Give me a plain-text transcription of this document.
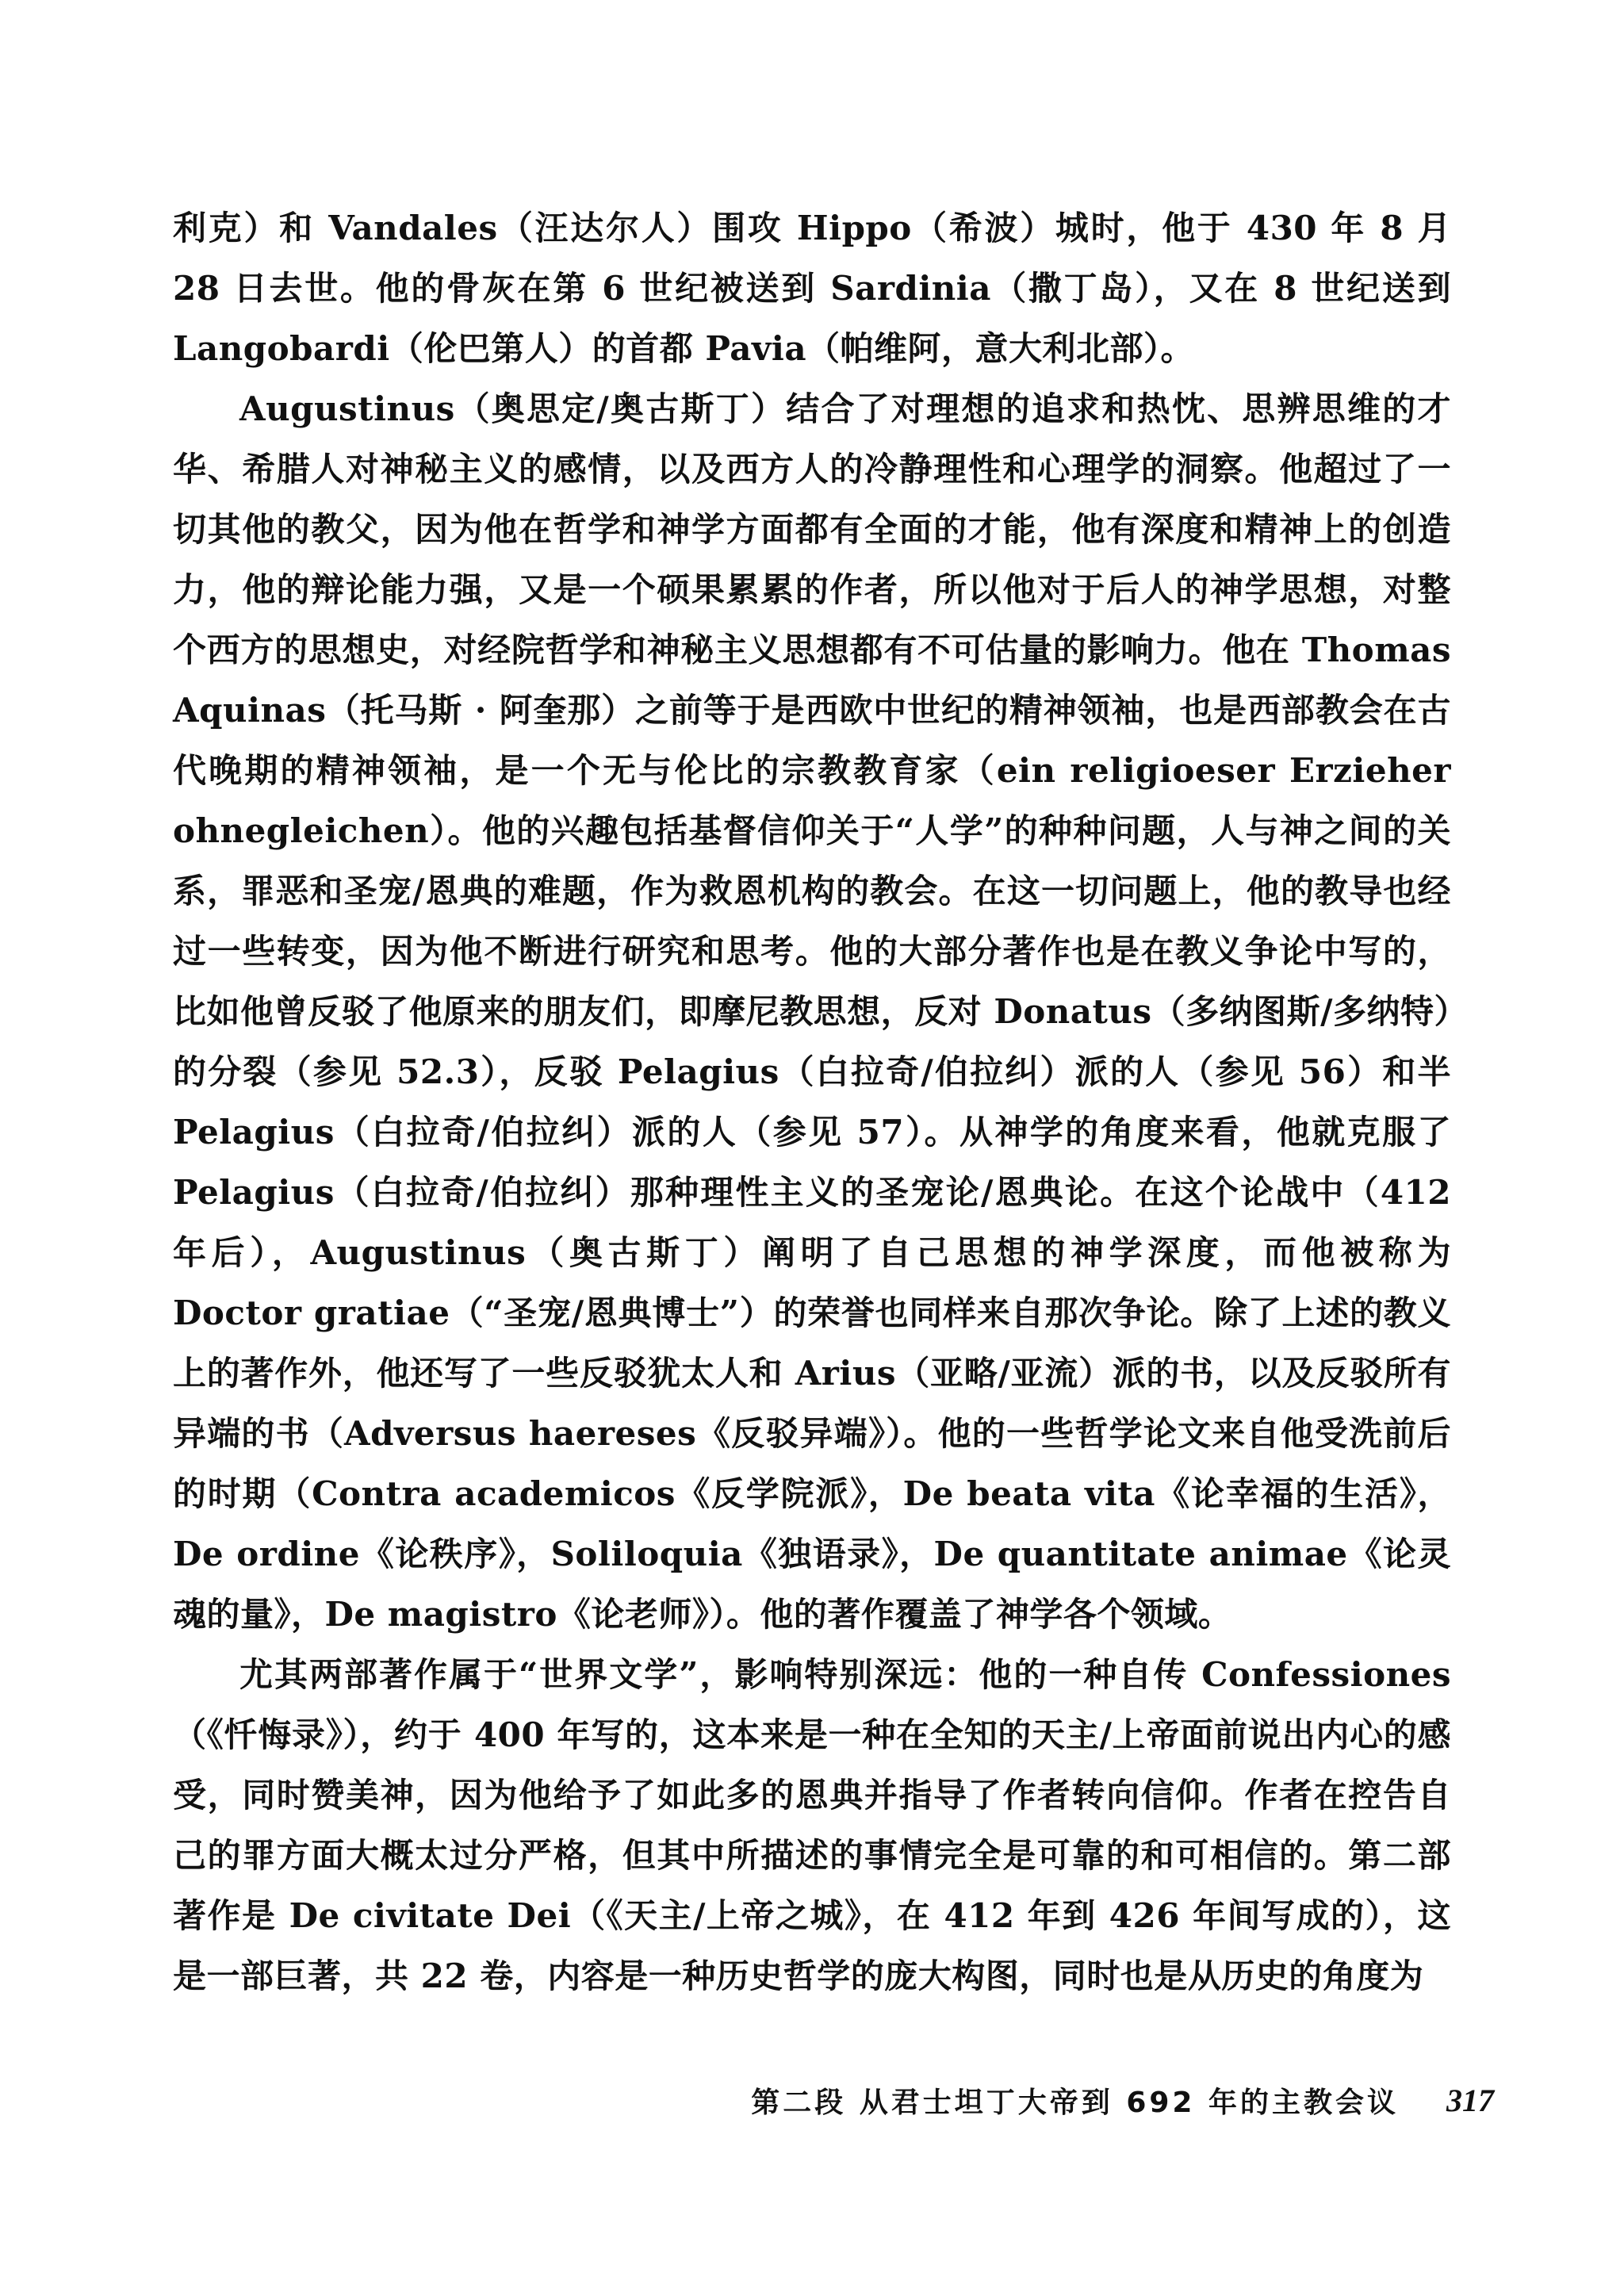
利克）和 Vandales（汪达尔人）围攻 Hippo（希波）城时，他于 430 年 8 月 28 日去世。他的骨灰在第 6 世纪被送到 Sardinia（撒丁岛），又在 8 世纪送到 Langobardi（伦巴第人）的首都 Pavia（帕维阿，意大利北部）。

Augustinus（奥思定/奥古斯丁）结合了对理想的追求和热忱、思辨思维的才华、希腊人对神秘主义的感情，以及西方人的冷静理性和心理学的洞察。他超过了一切其他的教父，因为他在哲学和神学方面都有全面的才能，他有深度和精神上的创造力，他的辩论能力强，又是一个硕果累累的作者，所以他对于后人的神学思想，对整个西方的思想史，对经院哲学和神秘主义思想都有不可估量的影响力。他在 Thomas Aquinas（托马斯 · 阿奎那）之前等于是西欧中世纪的精神领袖，也是西部教会在古代晚期的精神领袖，是一个无与伦比的宗教教育家（ein religioeser Erzieher ohnegleichen）。他的兴趣包括基督信仰关于“人学”的种种问题，人与神之间的关系，罪恶和圣宠/恩典的难题，作为救恩机构的教会。在这一切问题上，他的教导也经过一些转变，因为他不断进行研究和思考。他的大部分著作也是在教义争论中写的，比如他曾反驳了他原来的朋友们，即摩尼教思想，反对 Donatus（多纳图斯/多纳特）的分裂（参见 52.3），反驳 Pelagius（白拉奇/伯拉纠）派的人（参见 56）和半 Pelagius（白拉奇/伯拉纠）派的人（参见 57）。从神学的角度来看，他就克服了 Pelagius（白拉奇/伯拉纠）那种理性主义的圣宠论/恩典论。在这个论战中（412 年后），Augustinus（奥古斯丁）阐明了自己思想的神学深度，而他被称为 Doctor gratiae（“圣宠/恩典博士”）的荣誉也同样来自那次争论。除了上述的教义上的著作外，他还写了一些反驳犹太人和 Arius（亚略/亚流）派的书，以及反驳所有异端的书（Adversus haereses《反驳异端》）。他的一些哲学论文来自他受洗前后的时期（Contra academicos《反学院派》，De beata vita《论幸福的生活》，De ordine《论秩序》，Soliloquia《独语录》，De quantitate animae《论灵魂的量》，De magistro《论老师》）。他的著作覆盖了神学各个领域。

尤其两部著作属于“世界文学”，影响特别深远：他的一种自传 Confessiones（《忏悔录》），约于 400 年写的，这本来是一种在全知的天主/上帝面前说出内心的感受，同时赞美神，因为他给予了如此多的恩典并指导了作者转向信仰。作者在控告自己的罪方面大概太过分严格，但其中所描述的事情完全是可靠的和可相信的。第二部著作是 De civitate Dei（《天主/上帝之城》，在 412 年到 426 年间写成的），这是一部巨著，共 22 卷，内容是一种历史哲学的庞大构图，同时也是从历史的角度为

第二段 从君士坦丁大帝到 692 年的主教会议 317
